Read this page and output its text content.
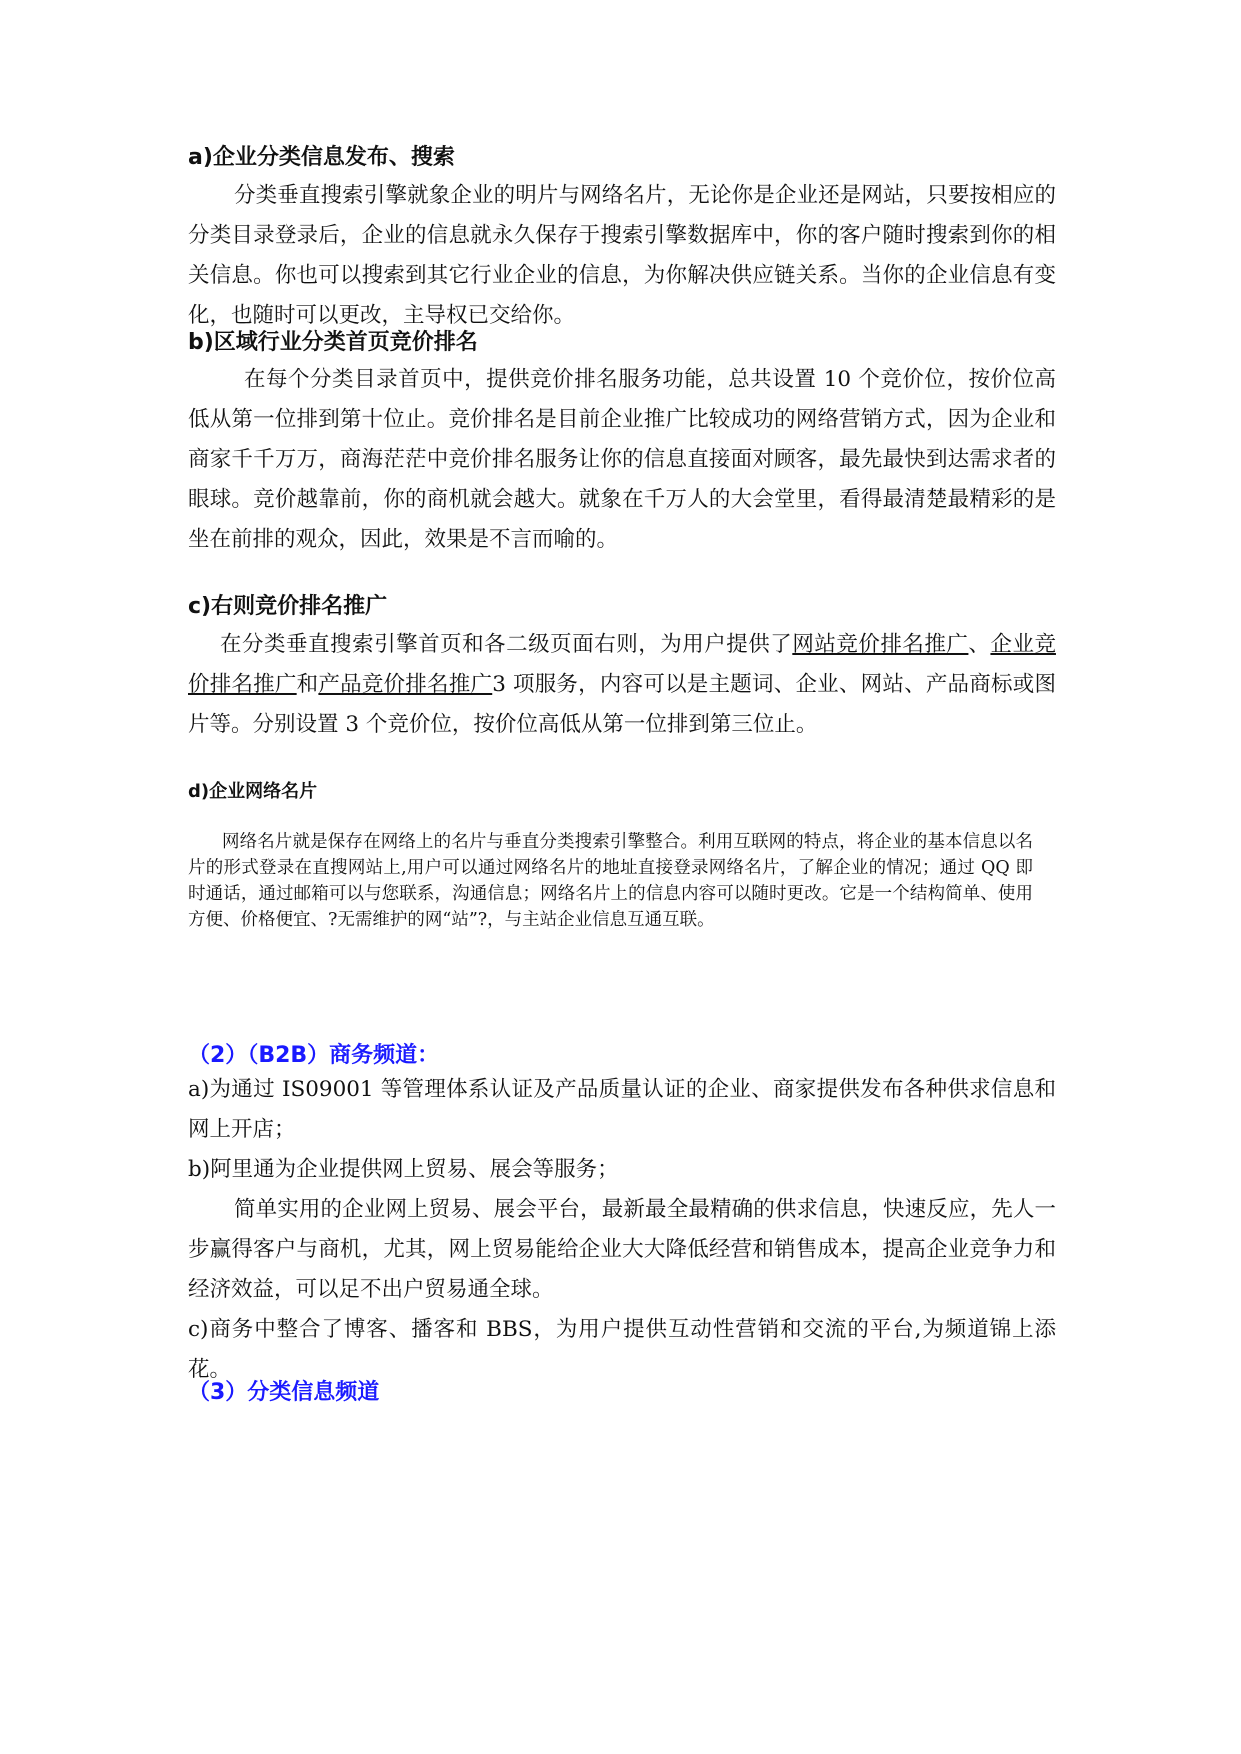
a)企业分类信息发布、搜索

分类垂直搜索引擎就象企业的明片与网络名片，无论你是企业还是网站，只要按相应的分类目录登录后，企业的信息就永久保存于搜索引擎数据库中，你的客户随时搜索到你的相关信息。你也可以搜索到其它行业企业的信息，为你解决供应链关系。当你的企业信息有变化，也随时可以更改，主导权已交给你。

b)区域行业分类首页竞价排名

在每个分类目录首页中，提供竞价排名服务功能，总共设置 10 个竞价位，按价位高低从第一位排到第十位止。竞价排名是目前企业推广比较成功的网络营销方式，因为企业和商家千千万万，商海茫茫中竞价排名服务让你的信息直接面对顾客，最先最快到达需求者的眼球。竞价越靠前，你的商机就会越大。就象在千万人的大会堂里，看得最清楚最精彩的是坐在前排的观众，因此，效果是不言而喻的。

c)右则竞价排名推广

在分类垂直搜索引擎首页和各二级页面右则，为用户提供了网站竞价排名推广、企业竞价排名推广和产品竞价排名推广3 项服务，内容可以是主题词、企业、网站、产品商标或图片等。分别设置 3 个竞价位，按价位高低从第一位排到第三位止。

d)企业网络名片

网络名片就是保存在网络上的名片与垂直分类搜索引擎整合。利用互联网的特点，将企业的基本信息以名片的形式登录在直搜网站上,用户可以通过网络名片的地址直接登录网络名片，了解企业的情况；通过 QQ 即时通话，通过邮箱可以与您联系，沟通信息；网络名片上的信息内容可以随时更改。它是一个结构简单、使用方便、价格便宜、?无需维护的网“站”?，与主站企业信息互通互联。

（2）（B2B）商务频道：

a)为通过 IS09001 等管理体系认证及产品质量认证的企业、商家提供发布各种供求信息和网上开店；

b)阿里通为企业提供网上贸易、展会等服务；

简单实用的企业网上贸易、展会平台，最新最全最精确的供求信息，快速反应，先人一步赢得客户与商机，尤其，网上贸易能给企业大大降低经营和销售成本，提高企业竞争力和经济效益，可以足不出户贸易通全球。

c)商务中整合了博客、播客和 BBS，为用户提供互动性营销和交流的平台,为频道锦上添花。

（3）分类信息频道
